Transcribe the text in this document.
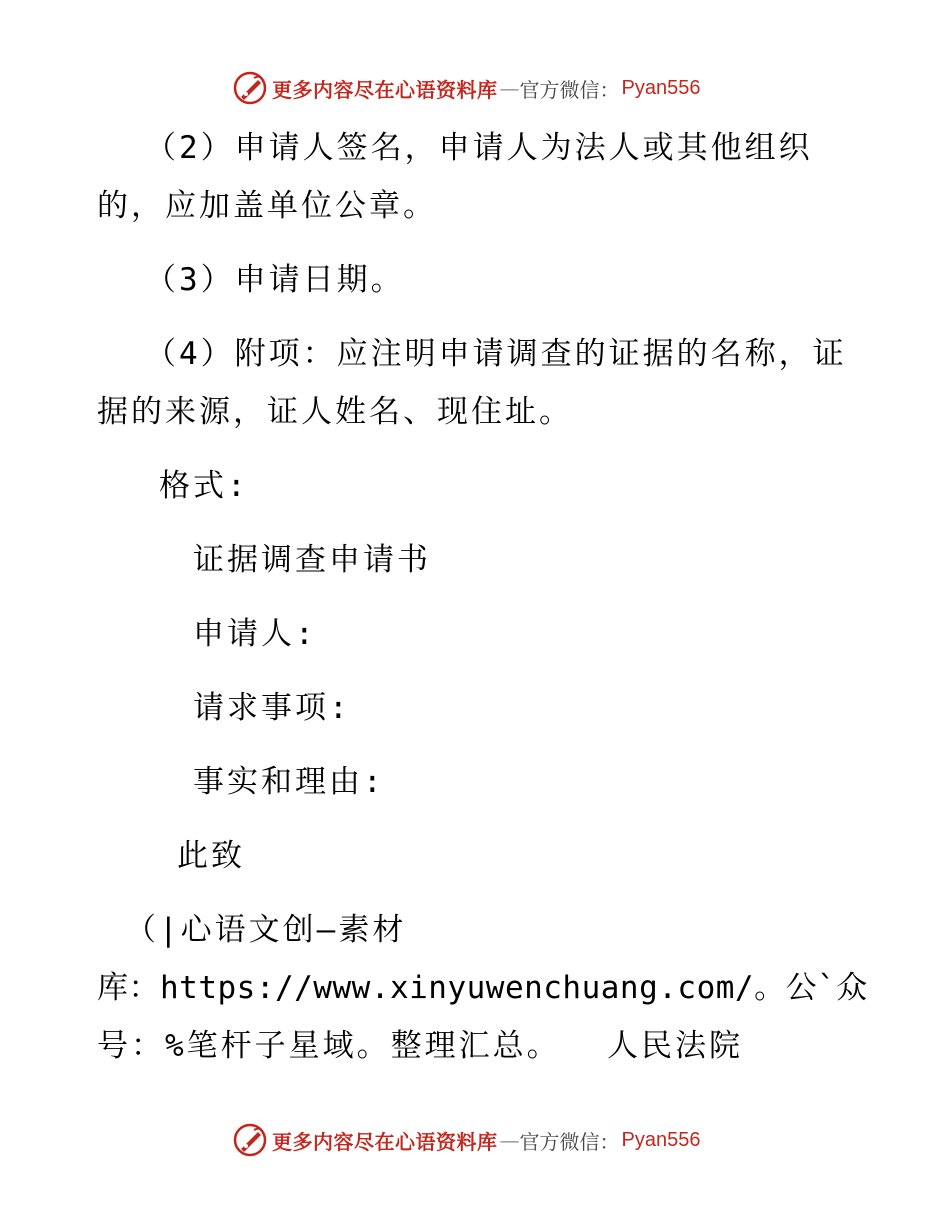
更多内容尽在心语资料库 — 官方微信： Pyan556
（2）申请人签名，申请人为法人或其他组织
的，应加盖单位公章。
（3）申请日期。
（4）附项：应注明申请调查的证据的名称，证
据的来源，证人姓名、现住址。
格式:
证据调查申请书
申请人:
请求事项:
事实和理由:
此致
（|心语文创—素材
库：https://www.xinyuwenchuang.com/。公`众
号：%笔杆子星域。整理汇总。 人民法院
更多内容尽在心语资料库 — 官方微信： Pyan556
